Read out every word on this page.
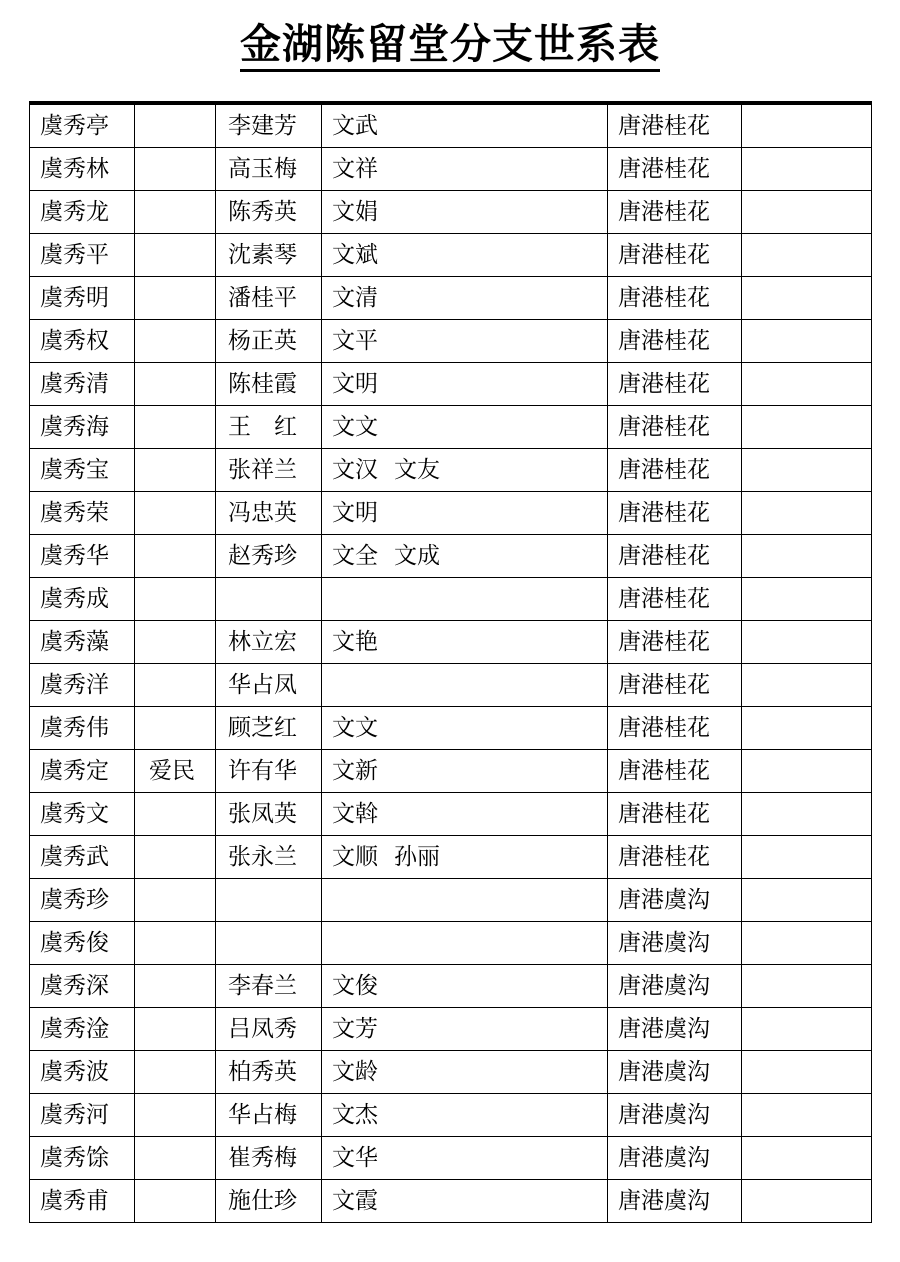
金湖陈留堂分支世系表
虞秀亭		李建芳	文武	唐港桂花	
虞秀林		高玉梅	文祥	唐港桂花	
虞秀龙		陈秀英	文娟	唐港桂花	
虞秀平		沈素琴	文斌	唐港桂花	
虞秀明		潘桂平	文清	唐港桂花	
虞秀权		杨正英	文平	唐港桂花	
虞秀清		陈桂霞	文明	唐港桂花	
虞秀海		王　红	文文	唐港桂花	
虞秀宝		张祥兰	文汉 文友	唐港桂花	
虞秀荣		冯忠英	文明	唐港桂花	
虞秀华		赵秀珍	文全 文成	唐港桂花	
虞秀成				唐港桂花	
虞秀藻		林立宏	文艳	唐港桂花	
虞秀洋		华占凤		唐港桂花	
虞秀伟		顾芝红	文文	唐港桂花	
虞秀定	爱民	许有华	文新	唐港桂花	
虞秀文		张凤英	文斡	唐港桂花	
虞秀武		张永兰	文顺 孙丽	唐港桂花	
虞秀珍				唐港虞沟	
虞秀俊				唐港虞沟	
虞秀深		李春兰	文俊	唐港虞沟	
虞秀淦		吕凤秀	文芳	唐港虞沟	
虞秀波		柏秀英	文龄	唐港虞沟	
虞秀河		华占梅	文杰	唐港虞沟	
虞秀馀		崔秀梅	文华	唐港虞沟	
虞秀甫		施仕珍	文霞	唐港虞沟	
